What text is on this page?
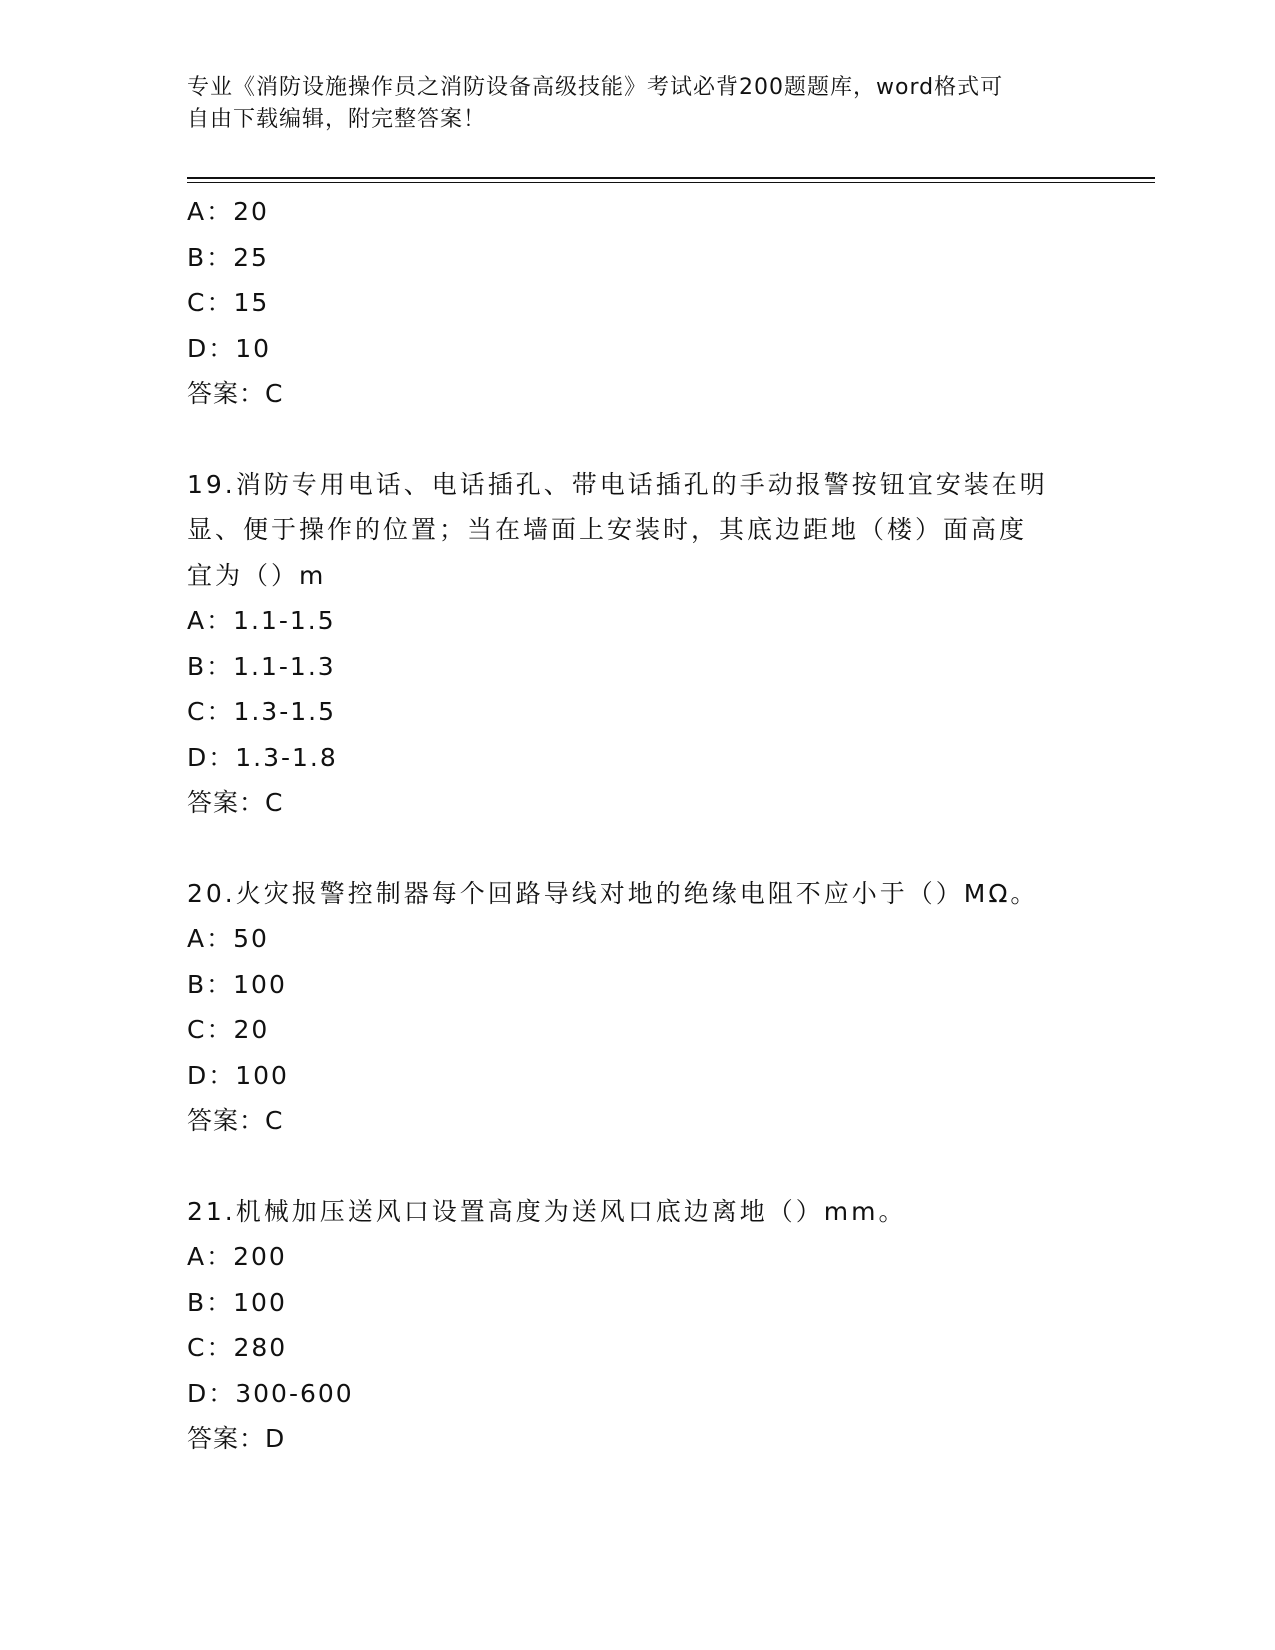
专业《消防设施操作员之消防设备高级技能》考试必背200题题库，word格式可
自由下载编辑，附完整答案！
A：20
B：25
C：15
D：10
答案：C
19.消防专用电话、电话插孔、带电话插孔的手动报警按钮宜安装在明
显、便于操作的位置；当在墙面上安装时，其底边距地（楼）面高度
宜为（）m
A：1.1-1.5
B：1.1-1.3
C：1.3-1.5
D：1.3-1.8
答案：C
20.火灾报警控制器每个回路导线对地的绝缘电阻不应小于（）MΩ。
A：50
B：100
C：20
D：100
答案：C
21.机械加压送风口设置高度为送风口底边离地（）mm。
A：200
B：100
C：280
D：300-600
答案：D
